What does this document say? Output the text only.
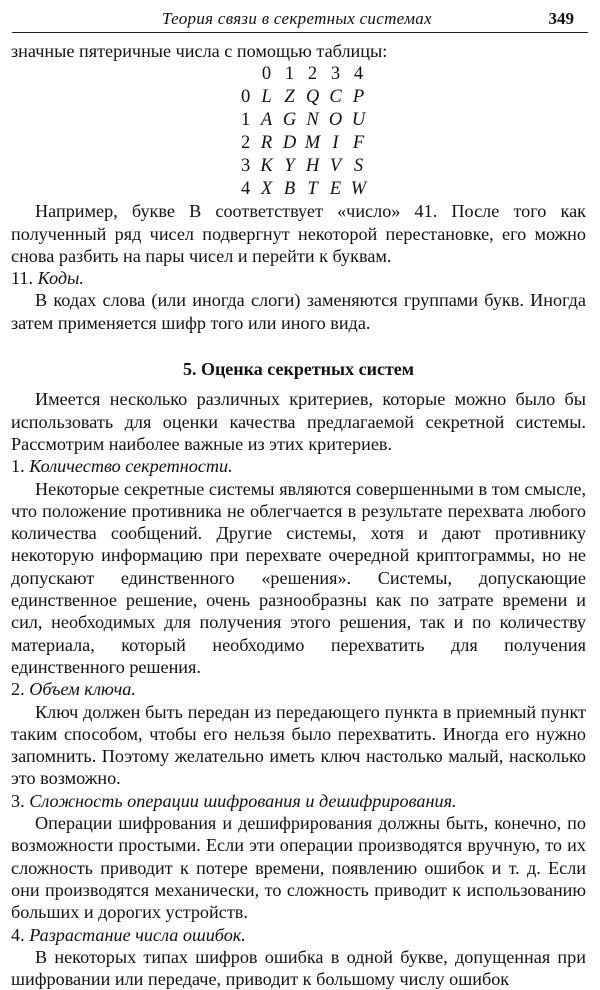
Теория связи в секретных системах	349

значные пятеричные числа с помощью таблицы:

	0	1	2	3	4
0	L	Z	Q	C	P
1	A	G	N	O	U
2	R	D	M	I	F
3	K	Y	H	V	S
4	X	B	T	E	W

Например, букве B соответствует «число» 41. После того как полученный ряд чисел подвергнут некоторой перестановке, его можно снова разбить на пары чисел и перейти к буквам.

11. Коды.

В кодах слова (или иногда слоги) заменяются группами букв. Иногда затем применяется шифр того или иного вида.

5. Оценка секретных систем

Имеется несколько различных критериев, которые можно было бы использовать для оценки качества предлагаемой секретной системы. Рассмотрим наиболее важные из этих критериев.

1. Количество секретности.

Некоторые секретные системы являются совершенными в том смысле, что положение противника не облегчается в результате перехвата любого количества сообщений. Другие системы, хотя и дают противнику некоторую информацию при перехвате очередной криптограммы, но не допускают единственного «решения». Системы, допускающие единственное решение, очень разнообразны как по затрате времени и сил, необходимых для получения этого решения, так и по количеству материала, который необходимо перехватить для получения единственного решения.

2. Объем ключа.

Ключ должен быть передан из передающего пункта в приемный пункт таким способом, чтобы его нельзя было перехватить. Иногда его нужно запомнить. Поэтому желательно иметь ключ настолько малый, насколько это возможно.

3. Сложность операции шифрования и дешифрирования.

Операции шифрования и дешифрирования должны быть, конечно, по возможности простыми. Если эти операции производятся вручную, то их сложность приводит к потере времени, появлению ошибок и т. д. Если они производятся механически, то сложность приводит к использованию больших и дорогих устройств.

4. Разрастание числа ошибок.

В некоторых типах шифров ошибка в одной букве, допущенная при шифровании или передаче, приводит к большому числу ошибок
